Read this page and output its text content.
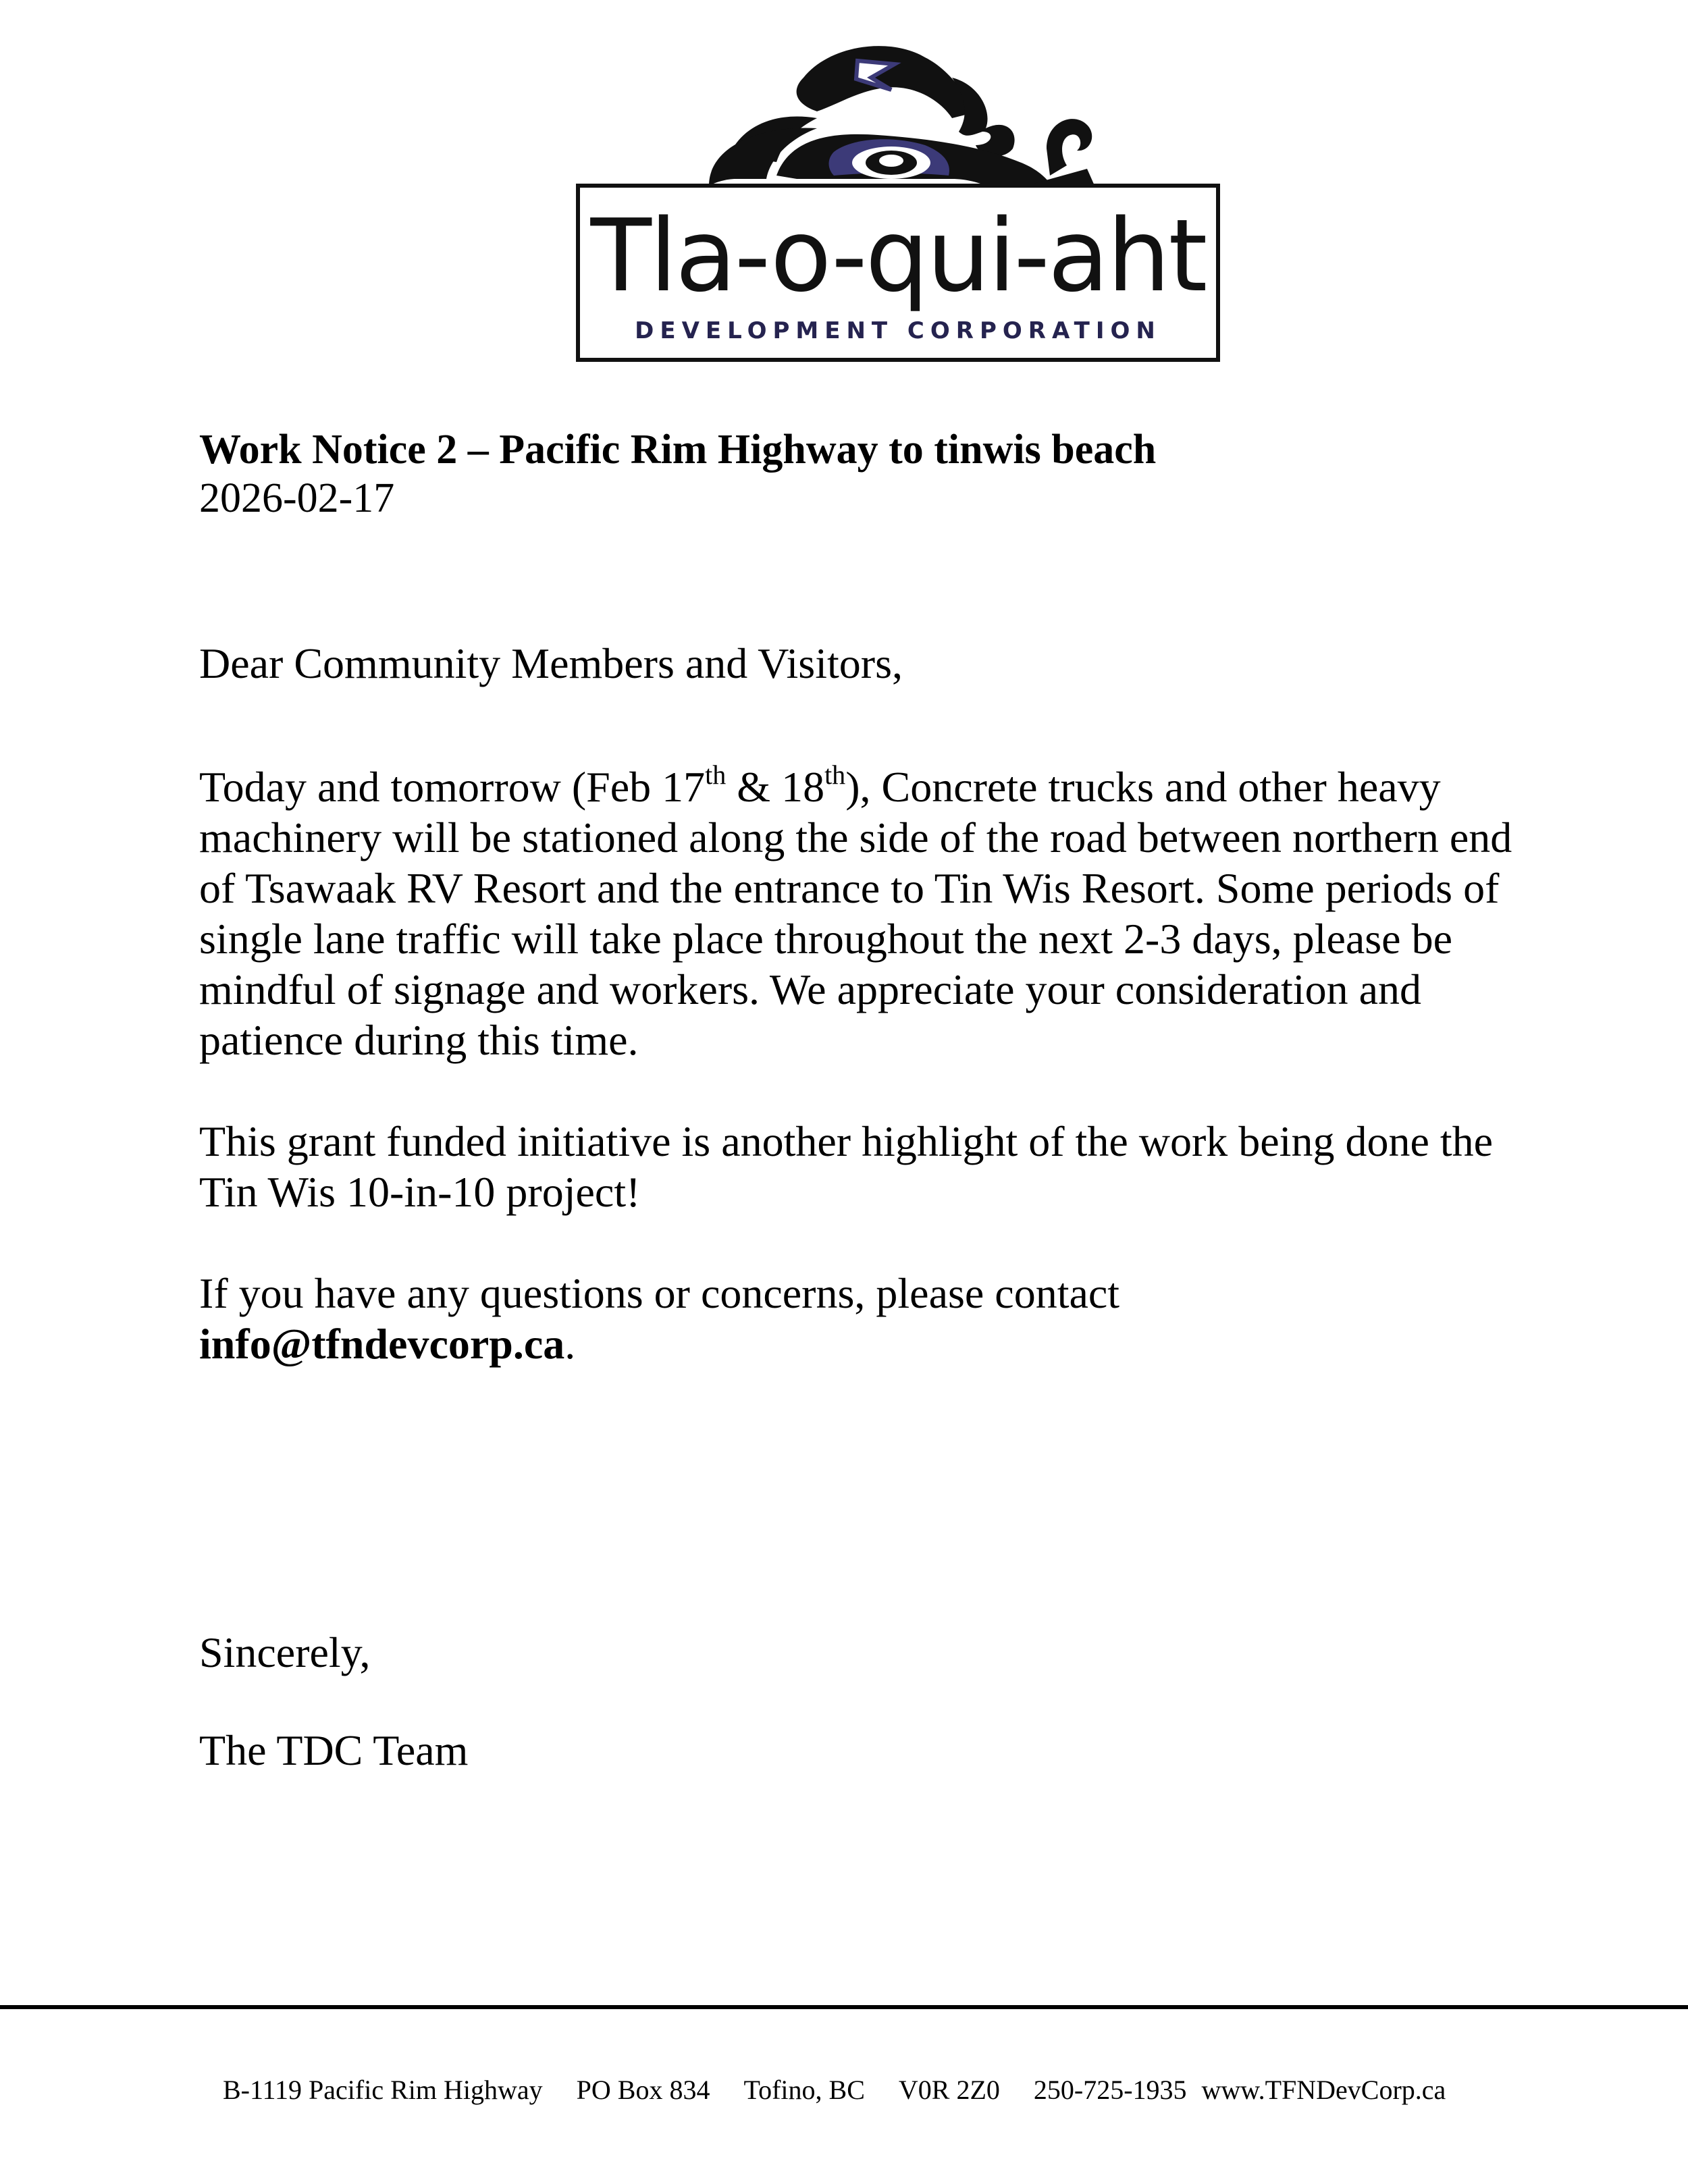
Tla-o-qui-aht
DEVELOPMENT CORPORATION

Work Notice 2 – Pacific Rim Highway to tinwis beach

2026-02-17

Dear Community Members and Visitors,

Today and tomorrow (Feb 17th & 18th), Concrete trucks and other heavy machinery will be stationed along the side of the road between northern end of Tsawaak RV Resort and the entrance to Tin Wis Resort. Some periods of single lane traffic will take place throughout the next 2-3 days, please be mindful of signage and workers. We appreciate your consideration and patience during this time.

This grant funded initiative is another highlight of the work being done the Tin Wis 10-in-10 project!

If you have any questions or concerns, please contact
info@tfndevcorp.ca.

Sincerely,

The TDC Team

B-1119 Pacific Rim Highway PO Box 834 Tofino, BC V0R 2Z0 250-725-1935 www.TFNDevCorp.ca
